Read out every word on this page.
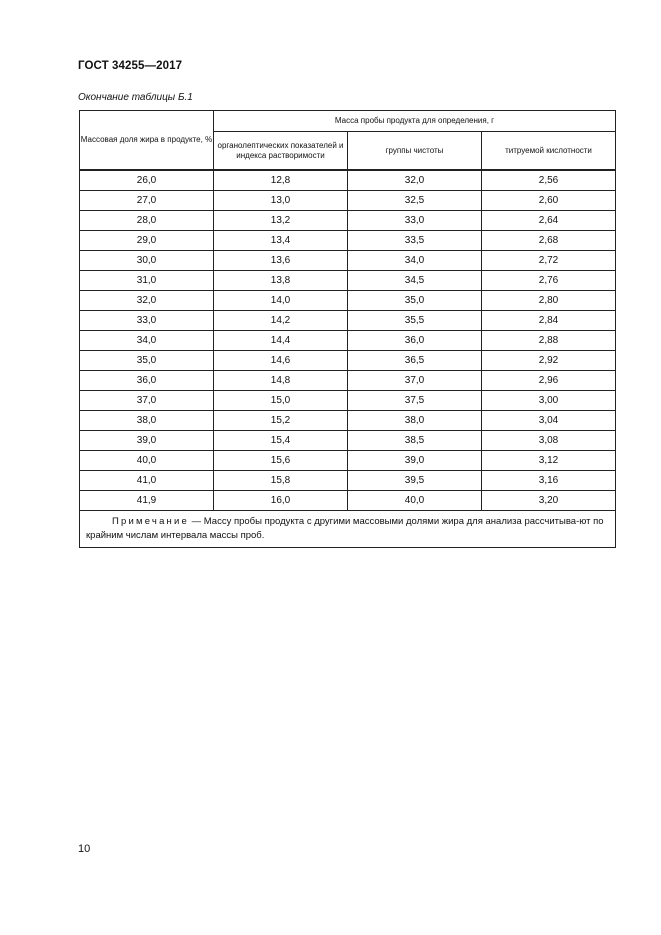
ГОСТ 34255—2017
Окончание таблицы Б.1
Массовая доля жира в продукте, %	Масса пробы продукта для определения, г		
	органолептических показателей и индекса растворимости	группы чистоты	титруемой кислотности
26,0	12,8	32,0	2,56
27,0	13,0	32,5	2,60
28,0	13,2	33,0	2,64
29,0	13,4	33,5	2,68
30,0	13,6	34,0	2,72
31,0	13,8	34,5	2,76
32,0	14,0	35,0	2,80
33,0	14,2	35,5	2,84
34,0	14,4	36,0	2,88
35,0	14,6	36,5	2,92
36,0	14,8	37,0	2,96
37,0	15,0	37,5	3,00
38,0	15,2	38,0	3,04
39,0	15,4	38,5	3,08
40,0	15,6	39,0	3,12
41,0	15,8	39,5	3,16
41,9	16,0	40,0	3,20
Примечание — Массу пробы продукта с другими массовыми долями жира для анализа рассчитыва-ют по крайним числам интервала массы проб.			
10
